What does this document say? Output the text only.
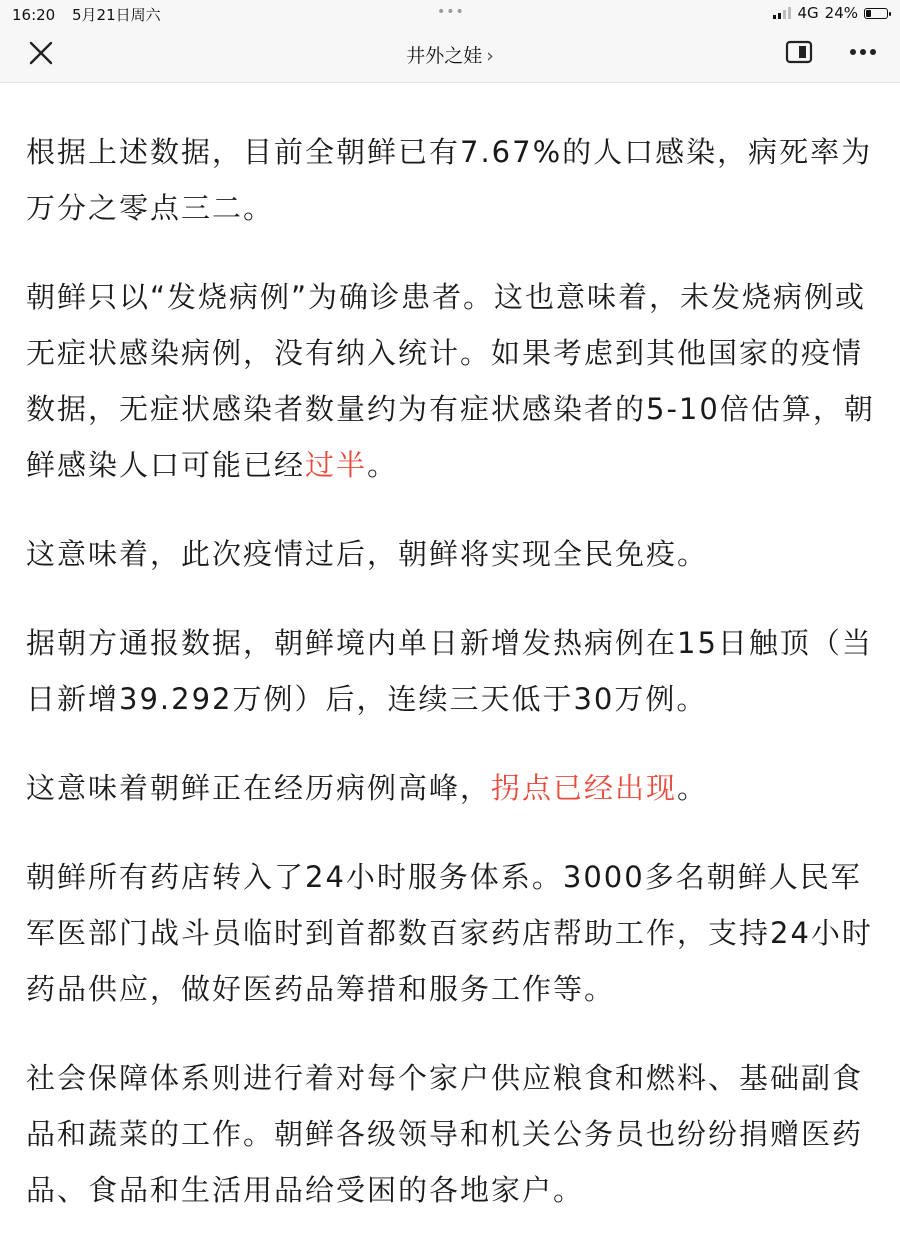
16:20 5月21日周六	•••	4G 24%
井外之娃 ›

根据上述数据，目前全朝鲜已有7.67%的人口感染，病死率为万分之零点三二。

朝鲜只以“发烧病例”为确诊患者。这也意味着，未发烧病例或无症状感染病例，没有纳入统计。如果考虑到其他国家的疫情数据，无症状感染者数量约为有症状感染者的5-10倍估算，朝鲜感染人口可能已经过半。

这意味着，此次疫情过后，朝鲜将实现全民免疫。

据朝方通报数据，朝鲜境内单日新增发热病例在15日触顶（当日新增39.292万例）后，连续三天低于30万例。

这意味着朝鲜正在经历病例高峰，拐点已经出现。

朝鲜所有药店转入了24小时服务体系。3000多名朝鲜人民军军医部门战斗员临时到首都数百家药店帮助工作，支持24小时药品供应，做好医药品筹措和服务工作等。

社会保障体系则进行着对每个家户供应粮食和燃料、基础副食品和蔬菜的工作。朝鲜各级领导和机关公务员也纷纷捐赠医药品、食品和生活用品给受困的各地家户。
